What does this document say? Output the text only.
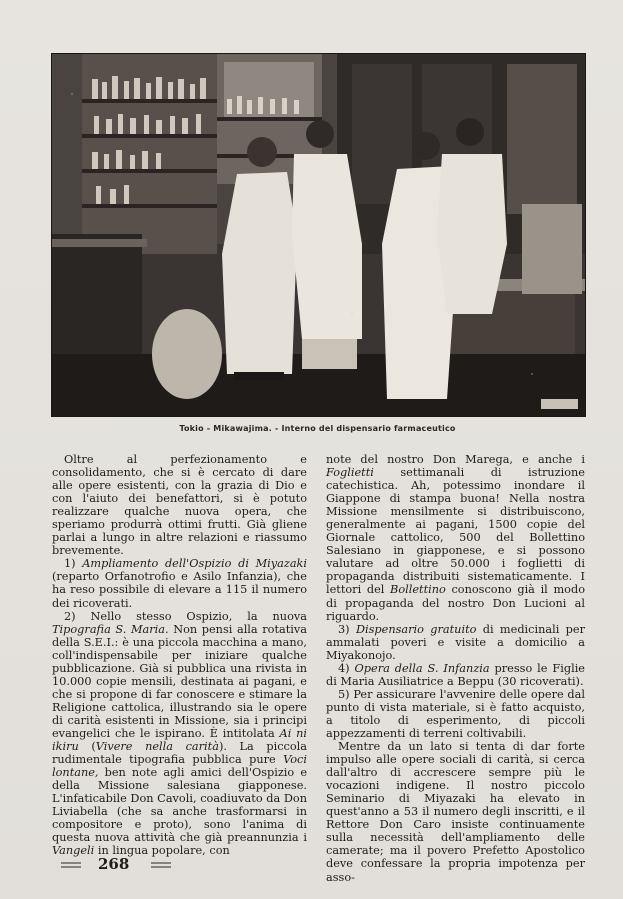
Tokio - Mikawajima. - Interno del dispensario farmaceutico

Oltre al perfezionamento e consolidamento, che si è cercato di dare alle opere esistenti, con la grazia di Dio e con l'aiuto dei benefattori, si è potuto realizzare qualche nuova opera, che speriamo produrrà ottimi frutti. Già gliene parlai a lungo in altre relazioni e riassumo brevemente.

1) Ampliamento dell'Ospizio di Miyazaki (reparto Orfanotrofio e Asilo Infanzia), che ha reso possibile di elevare a 115 il numero dei ricoverati.

2) Nello stesso Ospizio, la nuova Tipografia S. Maria. Non pensi alla rotativa della S.E.I.: è una piccola macchina a mano, coll'indispensabile per iniziare qualche pubblicazione. Già si pubblica una rivista in 10.000 copie mensili, destinata ai pagani, e che si propone di far conoscere e stimare la Religione cattolica, illustrando sia le opere di carità esistenti in Missione, sia i principi evangelici che le ispirano. È intitolata Ai ni ikiru (Vivere nella carità). La piccola rudimentale tipografia pubblica pure Voci lontane, ben note agli amici dell'Ospizio e della Missione salesiana giapponese. L'infaticabile Don Cavoli, coadiuvato da Don Liviabella (che sa anche trasformarsi in compositore e proto), sono l'anima di questa nuova attività che già preannunzia i Vangeli in lingua popolare, con

note del nostro Don Marega, e anche i Foglietti settimanali di istruzione catechistica. Ah, potessimo inondare il Giappone di stampa buona! Nella nostra Missione mensilmente si distribuiscono, generalmente ai pagani, 1500 copie del Giornale cattolico, 500 del Bollettino Salesiano in giapponese, e si possono valutare ad oltre 50.000 i foglietti di propaganda distribuiti sistematicamente. I lettori del Bollettino conoscono già il modo di propaganda del nostro Don Lucioni al riguardo.

3) Dispensario gratuito di medicinali per ammalati poveri e visite a domicilio a Miyakonojo.

4) Opera della S. Infanzia presso le Figlie di Maria Ausiliatrice a Beppu (30 ricoverati).

5) Per assicurare l'avvenire delle opere dal punto di vista materiale, si è fatto acquisto, a titolo di esperimento, di piccoli appezzamenti di terreni coltivabili.

Mentre da un lato si tenta di dar forte impulso alle opere sociali di carità, si cerca dall'altro di accrescere sempre più le vocazioni indigene. Il nostro piccolo Seminario di Miyazaki ha elevato in quest'anno a 53 il numero degli inscritti, e il Rettore Don Caro insiste continuamente sulla necessità dell'ampliamento delle camerate; ma il povero Prefetto Apostolico deve confessare la propria impotenza per asso-

268
